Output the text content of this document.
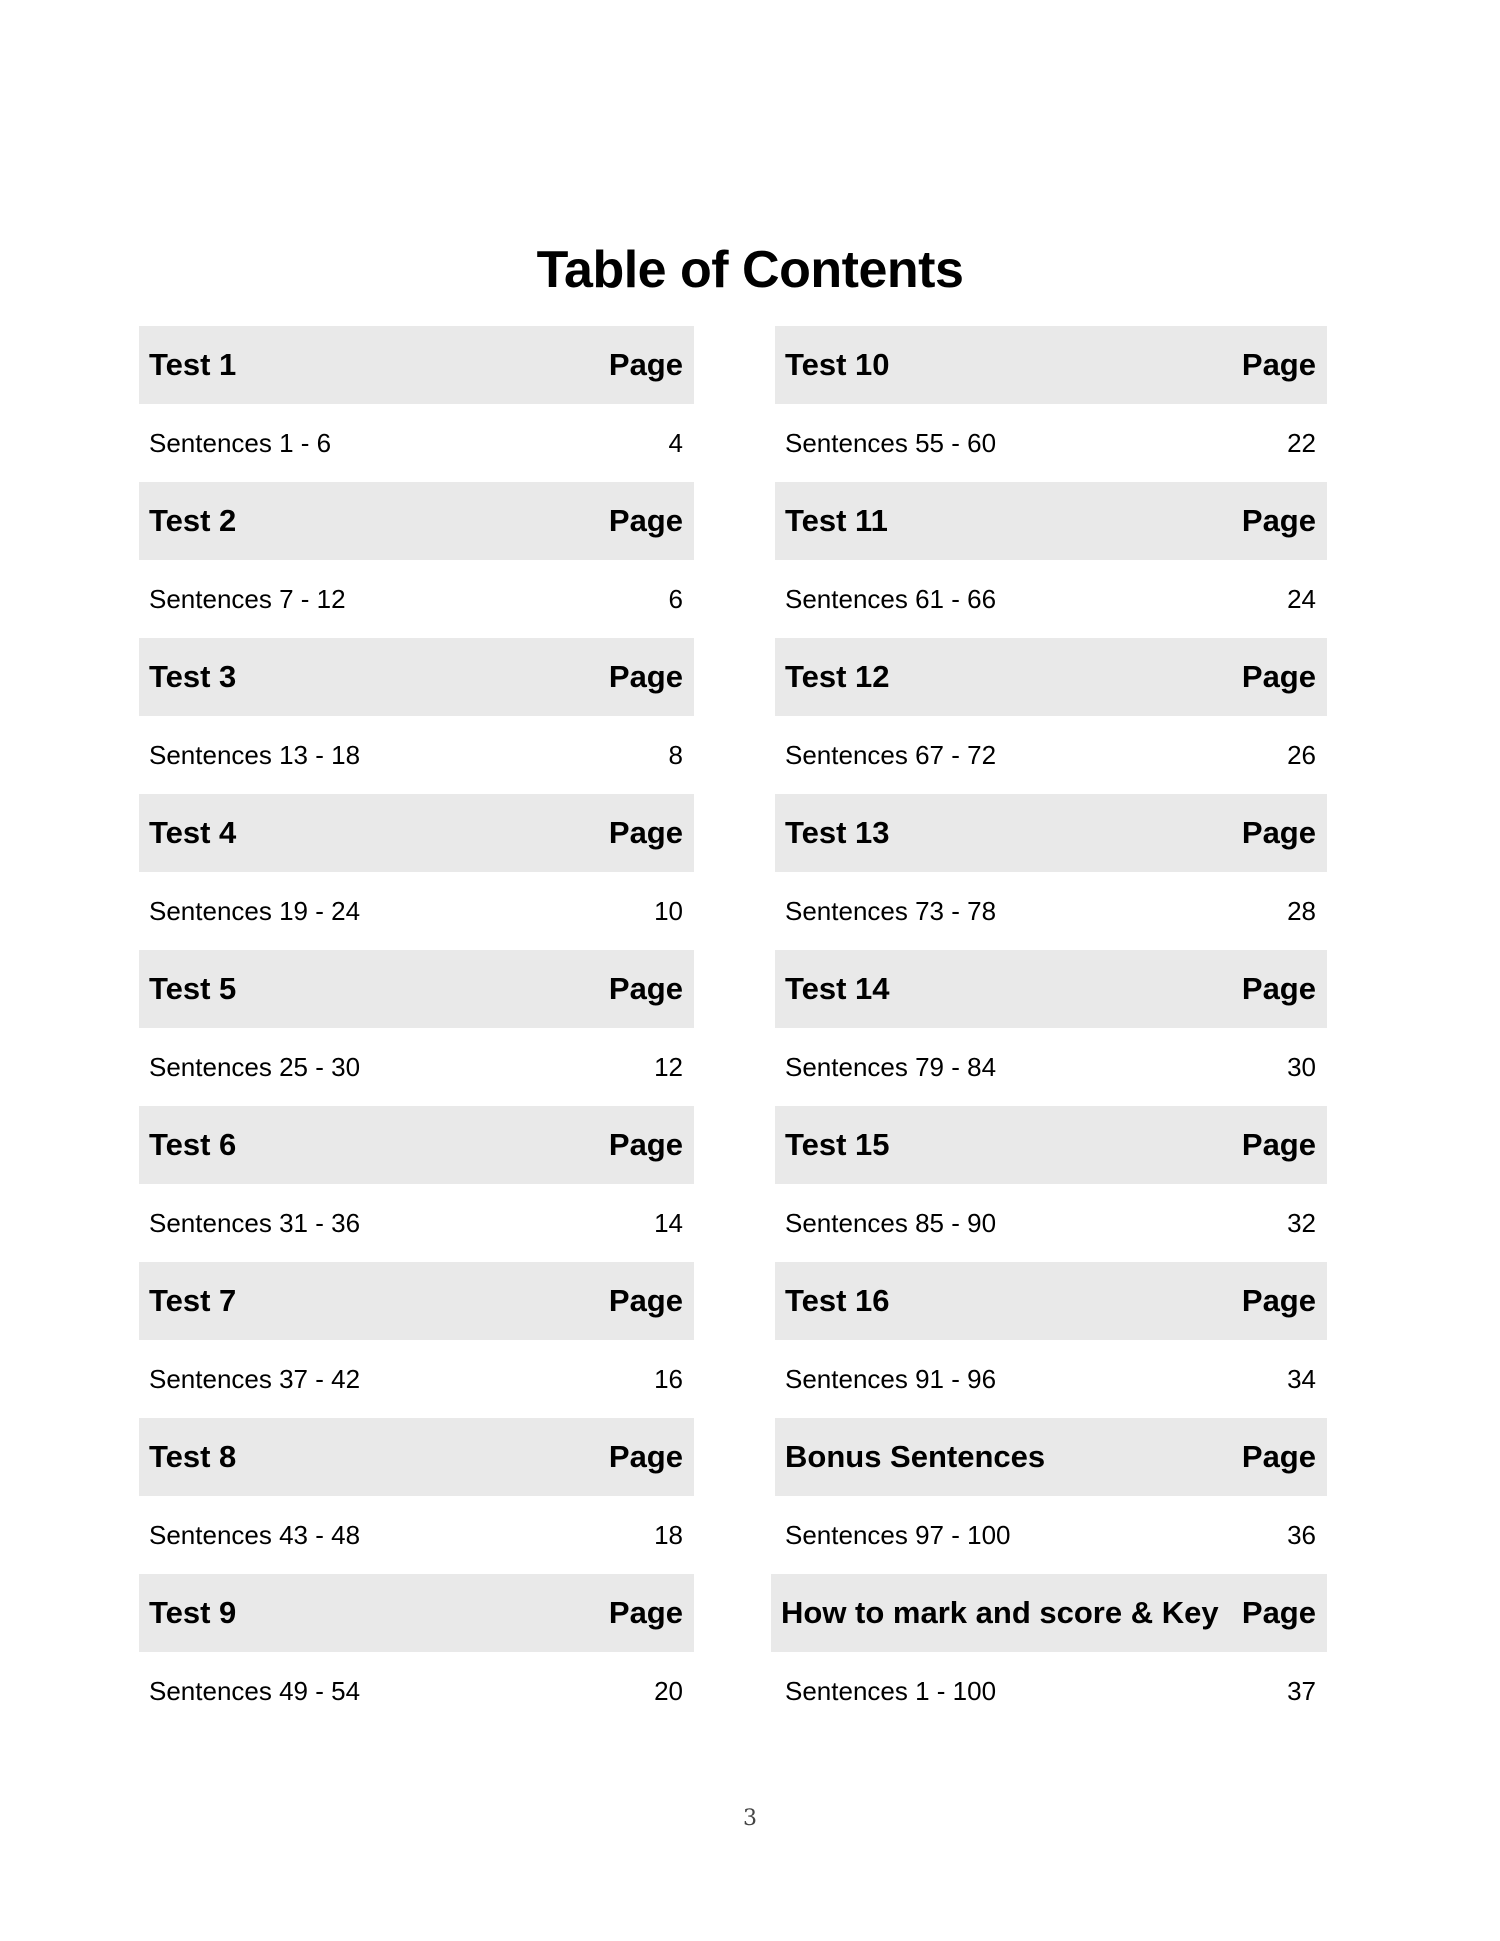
Table of Contents
Test 1	Page
Sentences 1 - 6	4
Test 2	Page
Sentences 7 - 12	6
Test 3	Page
Sentences 13 - 18	8
Test 4	Page
Sentences 19 - 24	10
Test 5	Page
Sentences 25 - 30	12
Test 6	Page
Sentences 31 - 36	14
Test 7	Page
Sentences 37 - 42	16
Test 8	Page
Sentences 43 - 48	18
Test 9	Page
Sentences 49 - 54	20
Test 10	Page
Sentences 55 - 60	22
Test 11	Page
Sentences 61 - 66	24
Test 12	Page
Sentences 67 - 72	26
Test 13	Page
Sentences 73 - 78	28
Test 14	Page
Sentences 79 - 84	30
Test 15	Page
Sentences 85 - 90	32
Test 16	Page
Sentences 91 - 96	34
Bonus Sentences	Page
Sentences 97 - 100	36
How to mark and score & Key Page
Sentences 1 - 100	37
3
